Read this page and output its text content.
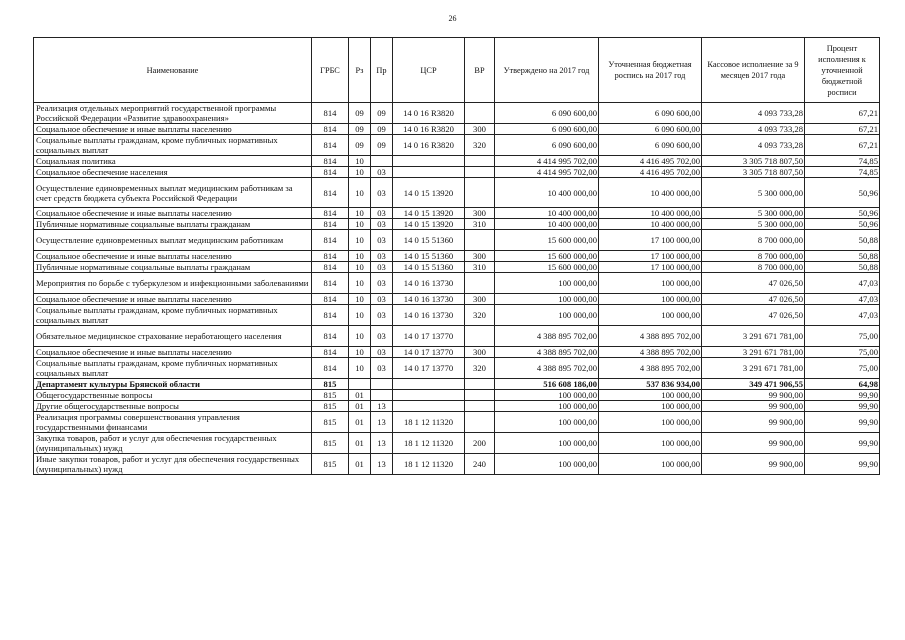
26
Наименование	ГРБС	Рз	Пр	ЦСР	ВР	Утверждено на 2017 год	Уточненная бюджетная роспись на 2017 год	Кассовое исполнение за 9 месяцев 2017 года	Процент исполнения к уточненной бюджетной росписи
Реализация отдельных мероприятий государственной программы Российской Федерации «Развитие здравоохранения»	814	09	09	14 0 16 R3820		6 090 600,00	6 090 600,00	4 093 733,28	67,21
Социальное обеспечение и иные выплаты населению	814	09	09	14 0 16 R3820	300	6 090 600,00	6 090 600,00	4 093 733,28	67,21
Социальные выплаты гражданам, кроме публичных нормативных социальных выплат	814	09	09	14 0 16 R3820	320	6 090 600,00	6 090 600,00	4 093 733,28	67,21
Социальная политика	814	10				4 414 995 702,00	4 416 495 702,00	3 305 718 807,50	74,85
Социальное обеспечение населения	814	10	03			4 414 995 702,00	4 416 495 702,00	3 305 718 807,50	74,85
Осуществление единовременных выплат медицинским работникам за счет средств бюджета субъекта Российской Федерации	814	10	03	14 0 15 13920		10 400 000,00	10 400 000,00	5 300 000,00	50,96
Социальное обеспечение и иные выплаты населению	814	10	03	14 0 15 13920	300	10 400 000,00	10 400 000,00	5 300 000,00	50,96
Публичные нормативные социальные выплаты гражданам	814	10	03	14 0 15 13920	310	10 400 000,00	10 400 000,00	5 300 000,00	50,96
Осуществление единовременных выплат медицинским работникам	814	10	03	14 0 15 51360		15 600 000,00	17 100 000,00	8 700 000,00	50,88
Социальное обеспечение и иные выплаты населению	814	10	03	14 0 15 51360	300	15 600 000,00	17 100 000,00	8 700 000,00	50,88
Публичные нормативные социальные выплаты гражданам	814	10	03	14 0 15 51360	310	15 600 000,00	17 100 000,00	8 700 000,00	50,88
Мероприятия по борьбе с туберкулезом и инфекционными заболеваниями	814	10	03	14 0 16 13730		100 000,00	100 000,00	47 026,50	47,03
Социальное обеспечение и иные выплаты населению	814	10	03	14 0 16 13730	300	100 000,00	100 000,00	47 026,50	47,03
Социальные выплаты гражданам, кроме публичных нормативных социальных выплат	814	10	03	14 0 16 13730	320	100 000,00	100 000,00	47 026,50	47,03
Обязательное медицинское страхование неработающего населения	814	10	03	14 0 17 13770		4 388 895 702,00	4 388 895 702,00	3 291 671 781,00	75,00
Социальное обеспечение и иные выплаты населению	814	10	03	14 0 17 13770	300	4 388 895 702,00	4 388 895 702,00	3 291 671 781,00	75,00
Социальные выплаты гражданам, кроме публичных нормативных социальных выплат	814	10	03	14 0 17 13770	320	4 388 895 702,00	4 388 895 702,00	3 291 671 781,00	75,00
Департамент культуры Брянской области	815					516 608 186,00	537 836 934,00	349 471 906,55	64,98
Общегосударственные вопросы	815	01				100 000,00	100 000,00	99 900,00	99,90
Другие общегосударственные вопросы	815	01	13			100 000,00	100 000,00	99 900,00	99,90
Реализация программы совершенствования управления государственными финансами	815	01	13	18 1 12 11320		100 000,00	100 000,00	99 900,00	99,90
Закупка товаров, работ и услуг для обеспечения государственных (муниципальных) нужд	815	01	13	18 1 12 11320	200	100 000,00	100 000,00	99 900,00	99,90
Иные закупки товаров, работ и услуг для обеспечения государственных (муниципальных) нужд	815	01	13	18 1 12 11320	240	100 000,00	100 000,00	99 900,00	99,90
